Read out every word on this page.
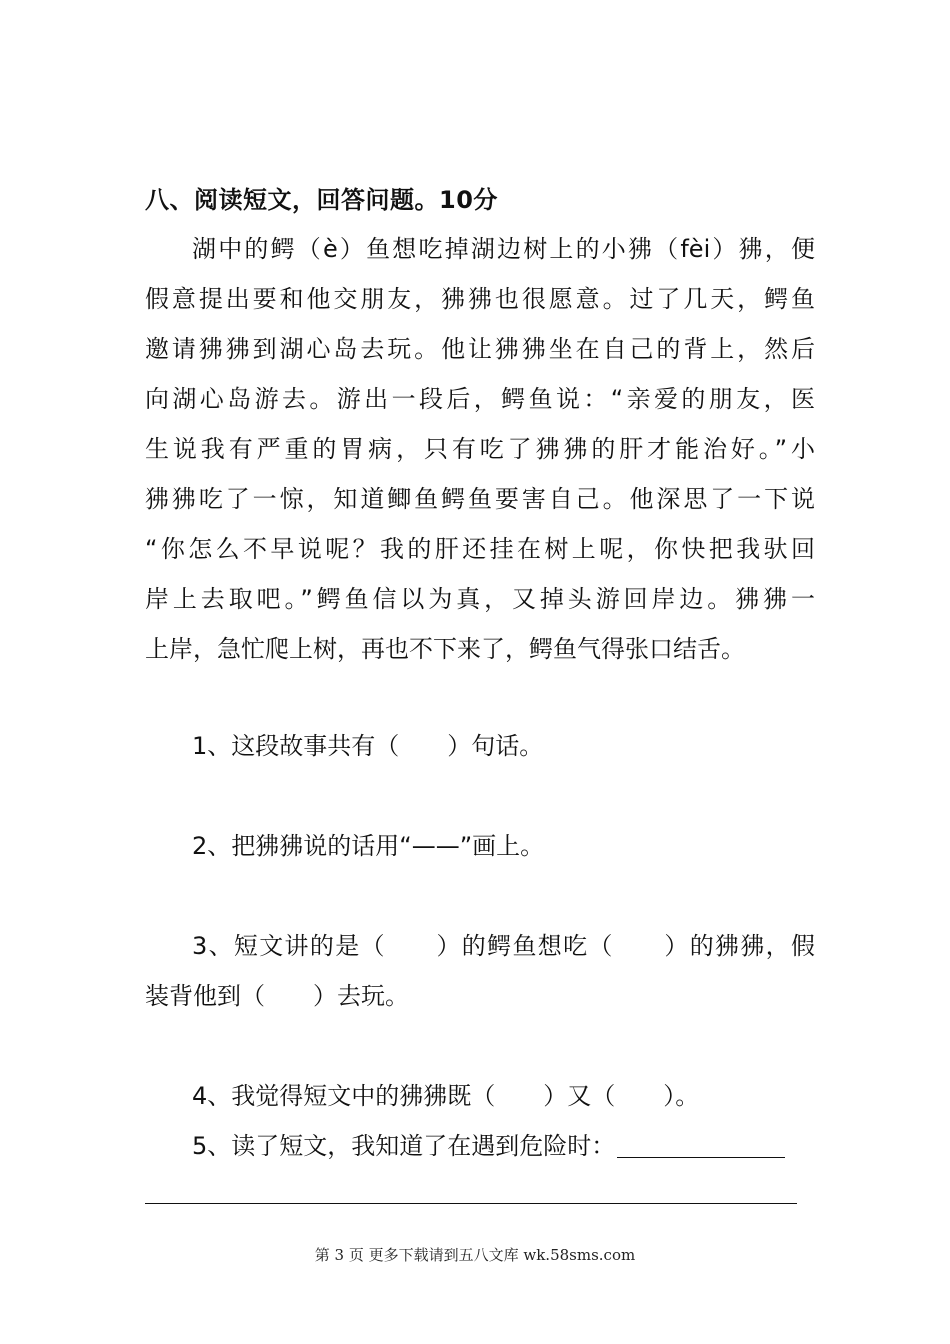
八、阅读短文，回答问题。10分
湖中的鳄（è）鱼想吃掉湖边树上的小狒（fèi）狒，便
假意提出要和他交朋友，狒狒也很愿意。过了几天，鳄鱼
邀请狒狒到湖心岛去玩。他让狒狒坐在自己的背上，然后
向湖心岛游去。游出一段后，鳄鱼说：“亲爱的朋友，医
生说我有严重的胃病，只有吃了狒狒的肝才能治好。”小
狒狒吃了一惊，知道鲫鱼鳄鱼要害自己。他深思了一下说
“你怎么不早说呢？我的肝还挂在树上呢，你快把我驮回
岸上去取吧。”鳄鱼信以为真，又掉头游回岸边。狒狒一
上岸，急忙爬上树，再也不下来了，鳄鱼气得张口结舌。
1、这段故事共有（　　）句话。
2、把狒狒说的话用“——”画上。
3、短文讲的是（　　）的鳄鱼想吃（　　）的狒狒，假
装背他到（　　）去玩。
4、我觉得短文中的狒狒既（　　）又（　　）。
5、读了短文，我知道了在遇到危险时：
第 3 页 更多下载请到五八文库 wk.58sms.com
